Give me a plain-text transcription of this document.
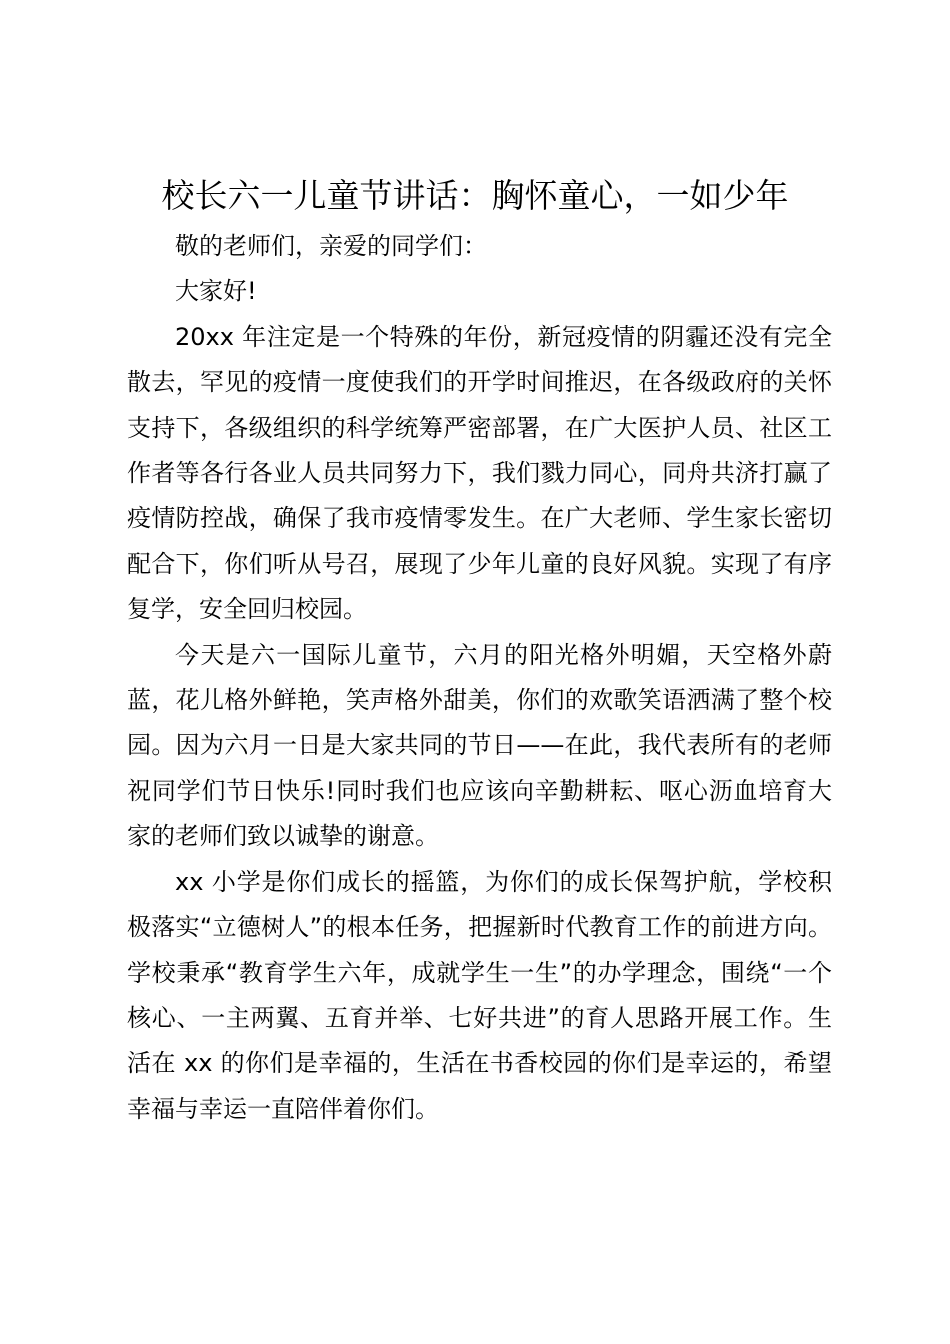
校长六一儿童节讲话：胸怀童心，一如少年

敬的老师们，亲爱的同学们：

大家好!

20xx 年注定是一个特殊的年份，新冠疫情的阴霾还没有完全散去，罕见的疫情一度使我们的开学时间推迟，在各级政府的关怀支持下，各级组织的科学统筹严密部署，在广大医护人员、社区工作者等各行各业人员共同努力下，我们戮力同心，同舟共济打赢了疫情防控战，确保了我市疫情零发生。在广大老师、学生家长密切配合下，你们听从号召，展现了少年儿童的良好风貌。实现了有序复学，安全回归校园。

今天是六一国际儿童节，六月的阳光格外明媚，天空格外蔚蓝，花儿格外鲜艳，笑声格外甜美，你们的欢歌笑语洒满了整个校园。因为六月一日是大家共同的节日——在此，我代表所有的老师祝同学们节日快乐!同时我们也应该向辛勤耕耘、呕心沥血培育大家的老师们致以诚挚的谢意。

xx 小学是你们成长的摇篮，为你们的成长保驾护航，学校积极落实“立德树人”的根本任务，把握新时代教育工作的前进方向。学校秉承“教育学生六年，成就学生一生”的办学理念，围绕“一个核心、一主两翼、五育并举、七好共进”的育人思路开展工作。生活在 xx 的你们是幸福的，生活在书香校园的你们是幸运的，希望幸福与幸运一直陪伴着你们。
